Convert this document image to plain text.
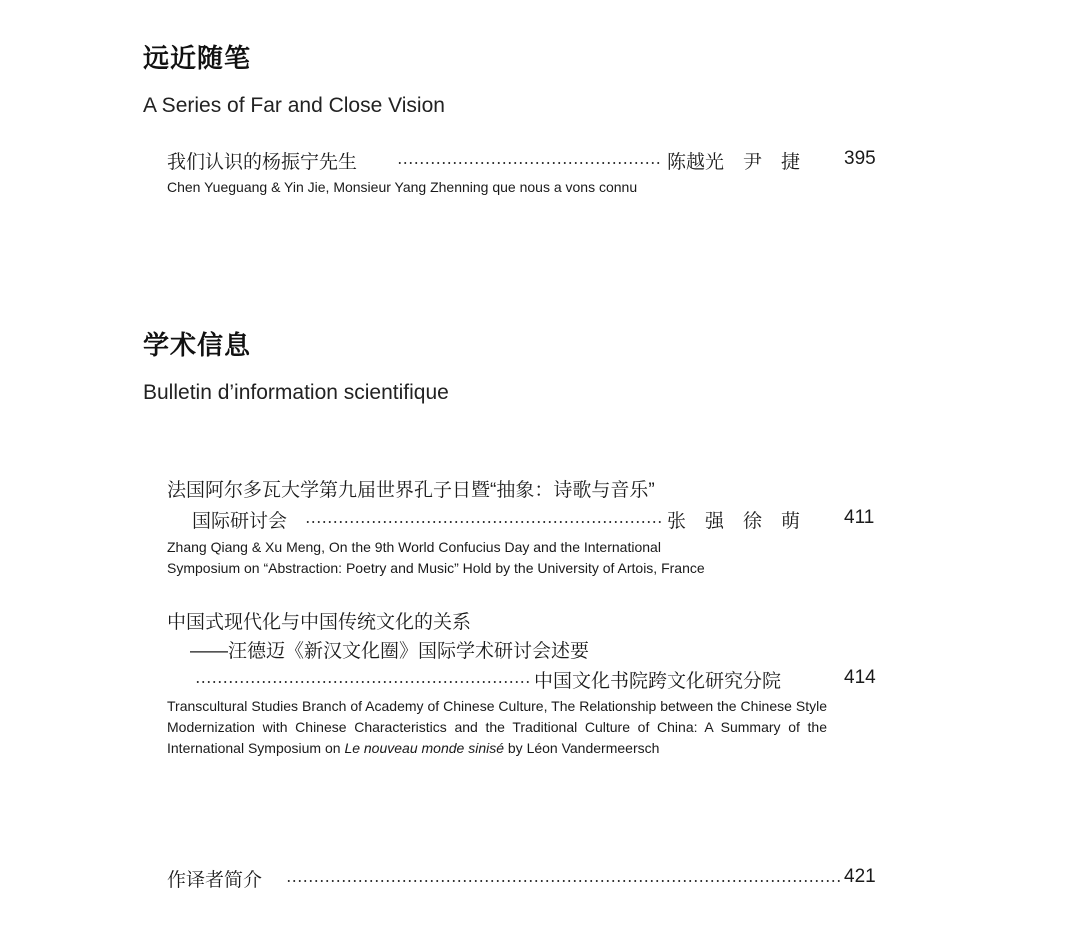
远近随笔
A Series of Far and Close Vision
我们认识的杨振宁先生	陈越光　尹　捷 395
Chen Yueguang & Yin Jie, Monsieur Yang Zhenning que nous a vons connu
学术信息
Bulletin d’information scientifique
法国阿尔多瓦大学第九届世界孔子日暨“抽象：诗歌与音乐”
国际研讨会	张　强　徐　萌 411
Zhang Qiang & Xu Meng, On the 9th World Confucius Day and the International
Symposium on “Abstraction: Poetry and Music” Hold by the University of Artois, France
中国式现代化与中国传统文化的关系
——汪德迈《新汉文化圈》国际学术研讨会述要
中国文化书院跨文化研究分院	414
Transcultural Studies Branch of Academy of Chinese Culture, The Relationship between the Chinese Style Modernization with Chinese Characteristics and the Traditional Culture of China: A Summary of the International Symposium on Le nouveau monde sinisé by Léon Vandermeersch
作译者简介	421
